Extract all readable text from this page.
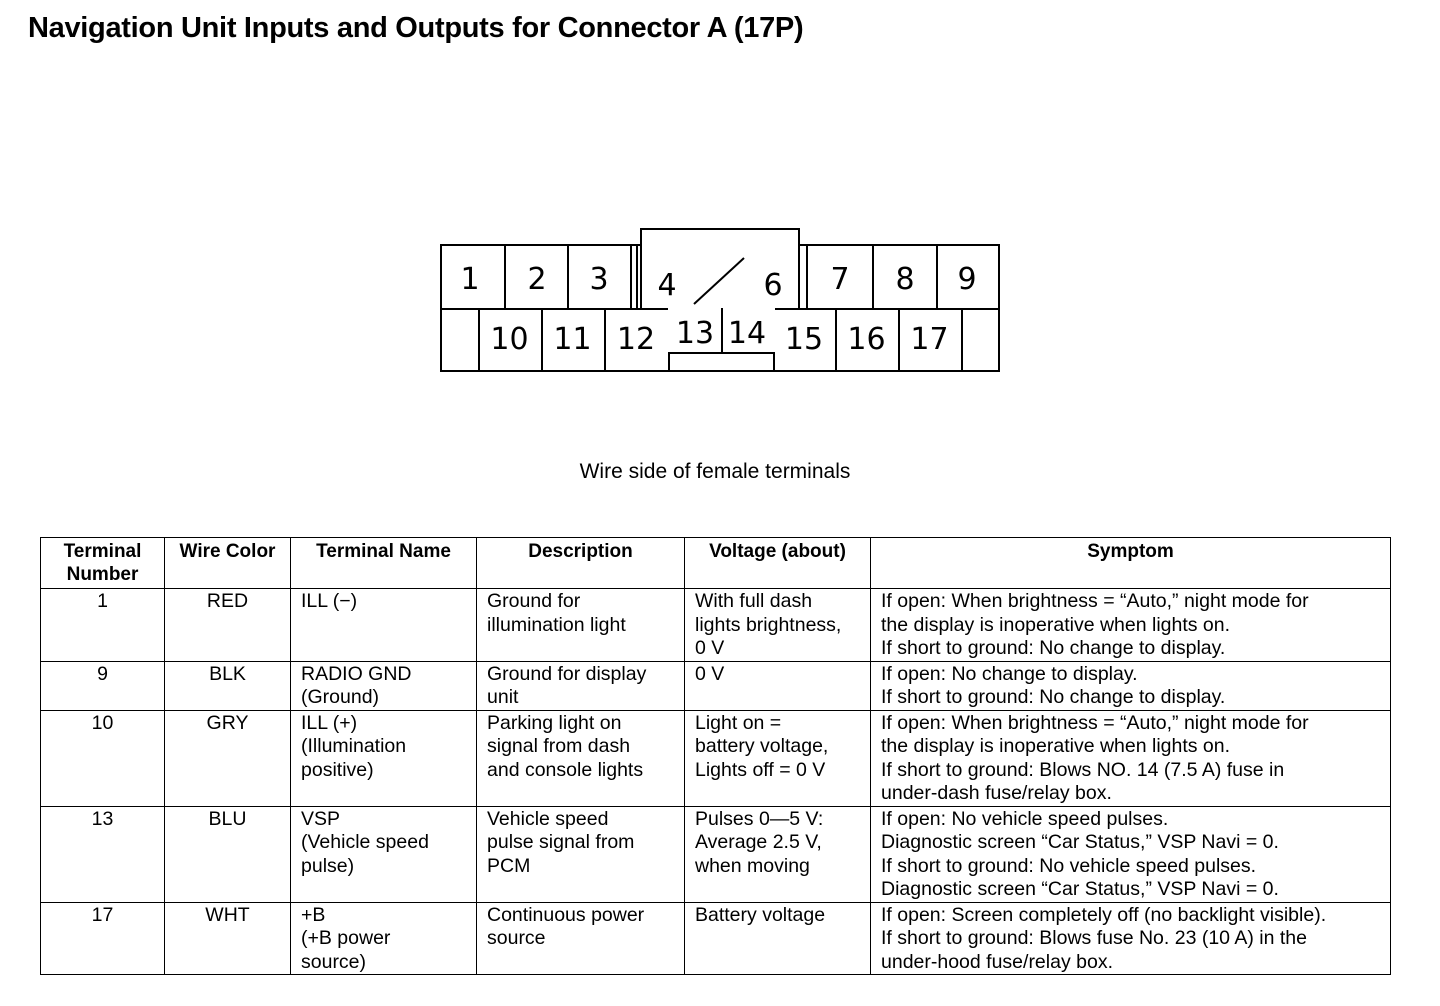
Navigation Unit Inputs and Outputs for Connector A (17P)
1	2	3	4	6	7	8	9
10 11 12 13 14 15 16 17
Wire side of female terminals
Terminal Number	Wire Color	Terminal Name	Description	Voltage (about)	Symptom
1	RED	ILL (−)	Ground for
illumination light	With full dash
lights brightness,
0 V	If open: When brightness = “Auto,” night mode for
the display is inoperative when lights on.
If short to ground: No change to display.

9	BLK	RADIO GND
(Ground)	Ground for display
unit	0 V	If open: No change to display.
If short to ground: No change to display.

10	GRY	ILL (+)
(Illumination
positive)	Parking light on
signal from dash
and console lights	Light on =
battery voltage,
Lights off = 0 V	If open: When brightness = “Auto,” night mode for
the display is inoperative when lights on.
If short to ground: Blows NO. 14 (7.5 A) fuse in
under-dash fuse/relay box.

13	BLU	VSP
(Vehicle speed
pulse)	Vehicle speed
pulse signal from
PCM	Pulses 0—5 V:
Average 2.5 V,
when moving	If open: No vehicle speed pulses.
Diagnostic screen “Car Status,” VSP Navi = 0.
If short to ground: No vehicle speed pulses.
Diagnostic screen “Car Status,” VSP Navi = 0.

17	WHT	+B
(+B power
source)	Continuous power
source	Battery voltage	If open: Screen completely off (no backlight visible).
If short to ground: Blows fuse No. 23 (10 A) in the
under-hood fuse/relay box.
